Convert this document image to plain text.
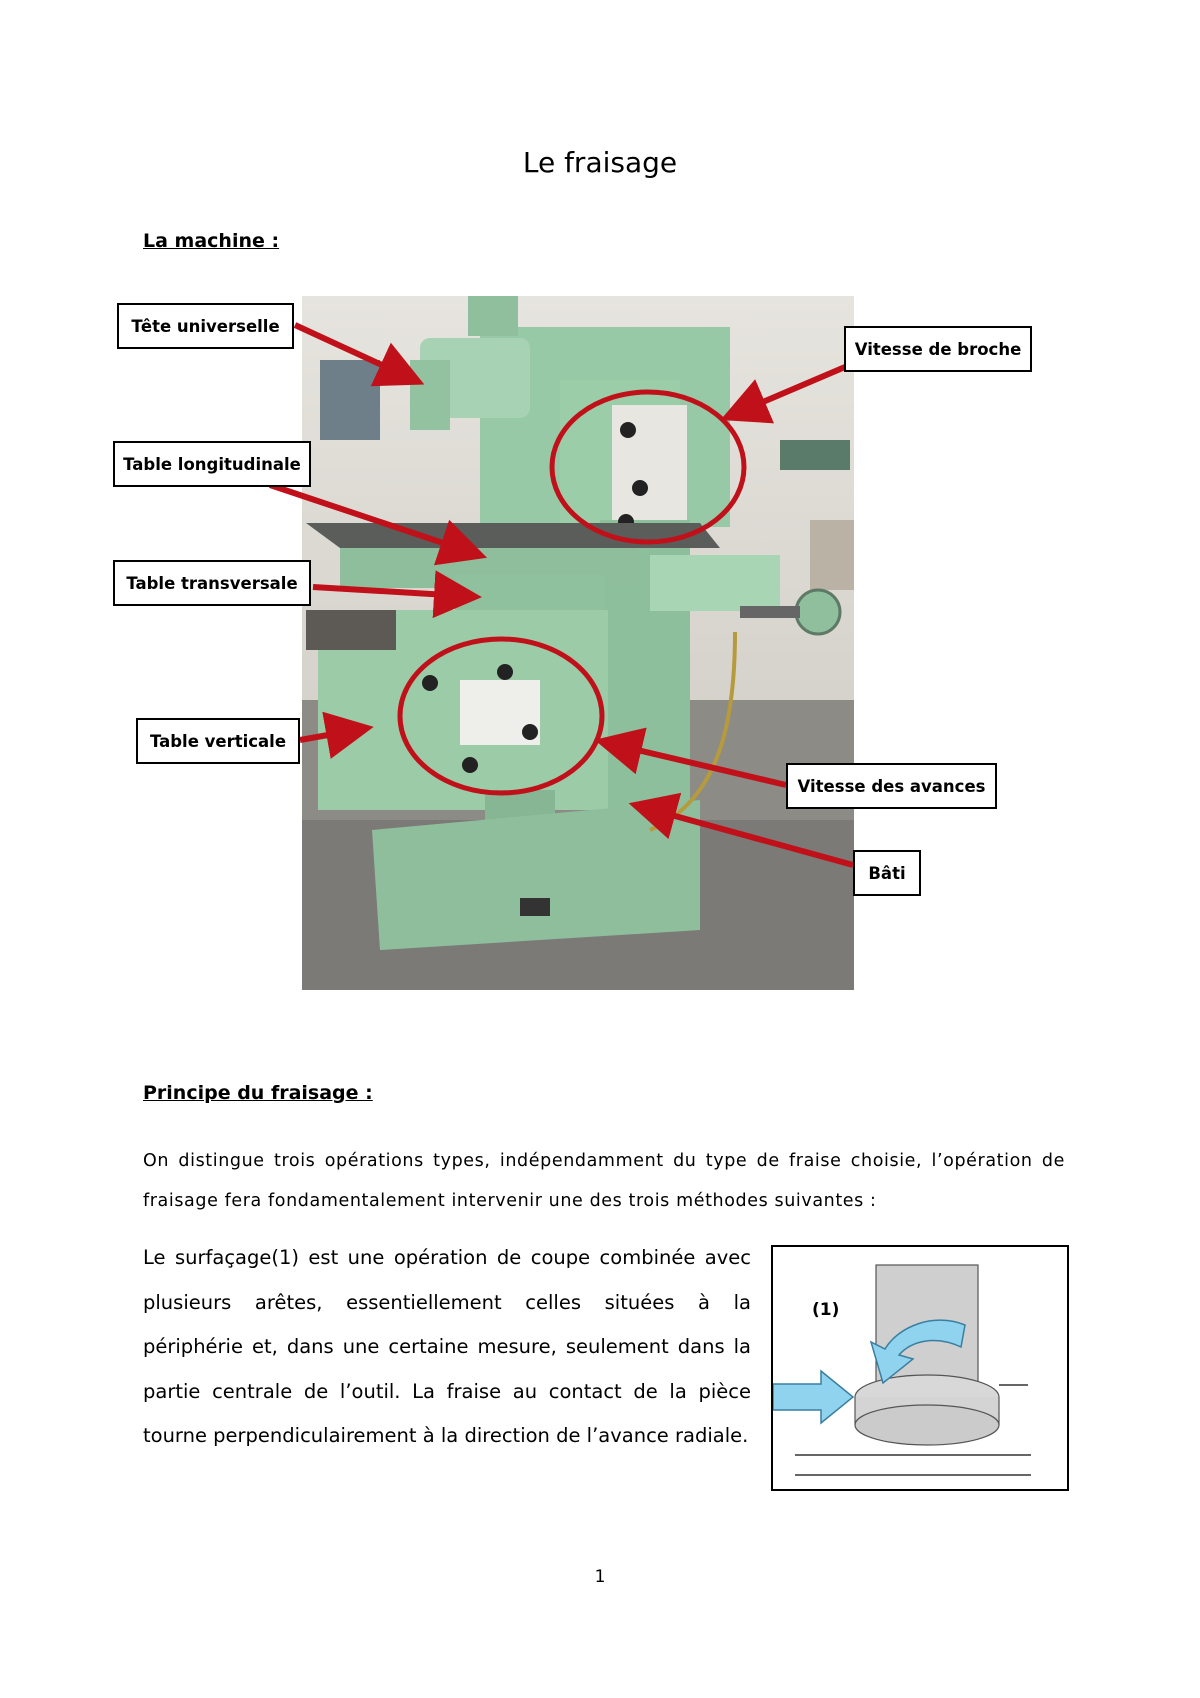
Le fraisage
La machine :
Tête universelle
Table longitudinale
Table transversale
Table verticale
Vitesse de broche
Vitesse des avances
Bâti
Principe du fraisage :

On distingue trois opérations types, indépendamment du type de fraise choisie, l’opération de fraisage fera fondamentalement intervenir une des trois méthodes suivantes :

Le surfaçage(1) est une opération de coupe combinée avec plusieurs arêtes, essentiellement celles situées à la périphérie et, dans une certaine mesure, seulement dans la partie centrale de l’outil. La fraise au contact de la pièce tourne perpendiculairement à la direction de l’avance radiale.

(1)
1
